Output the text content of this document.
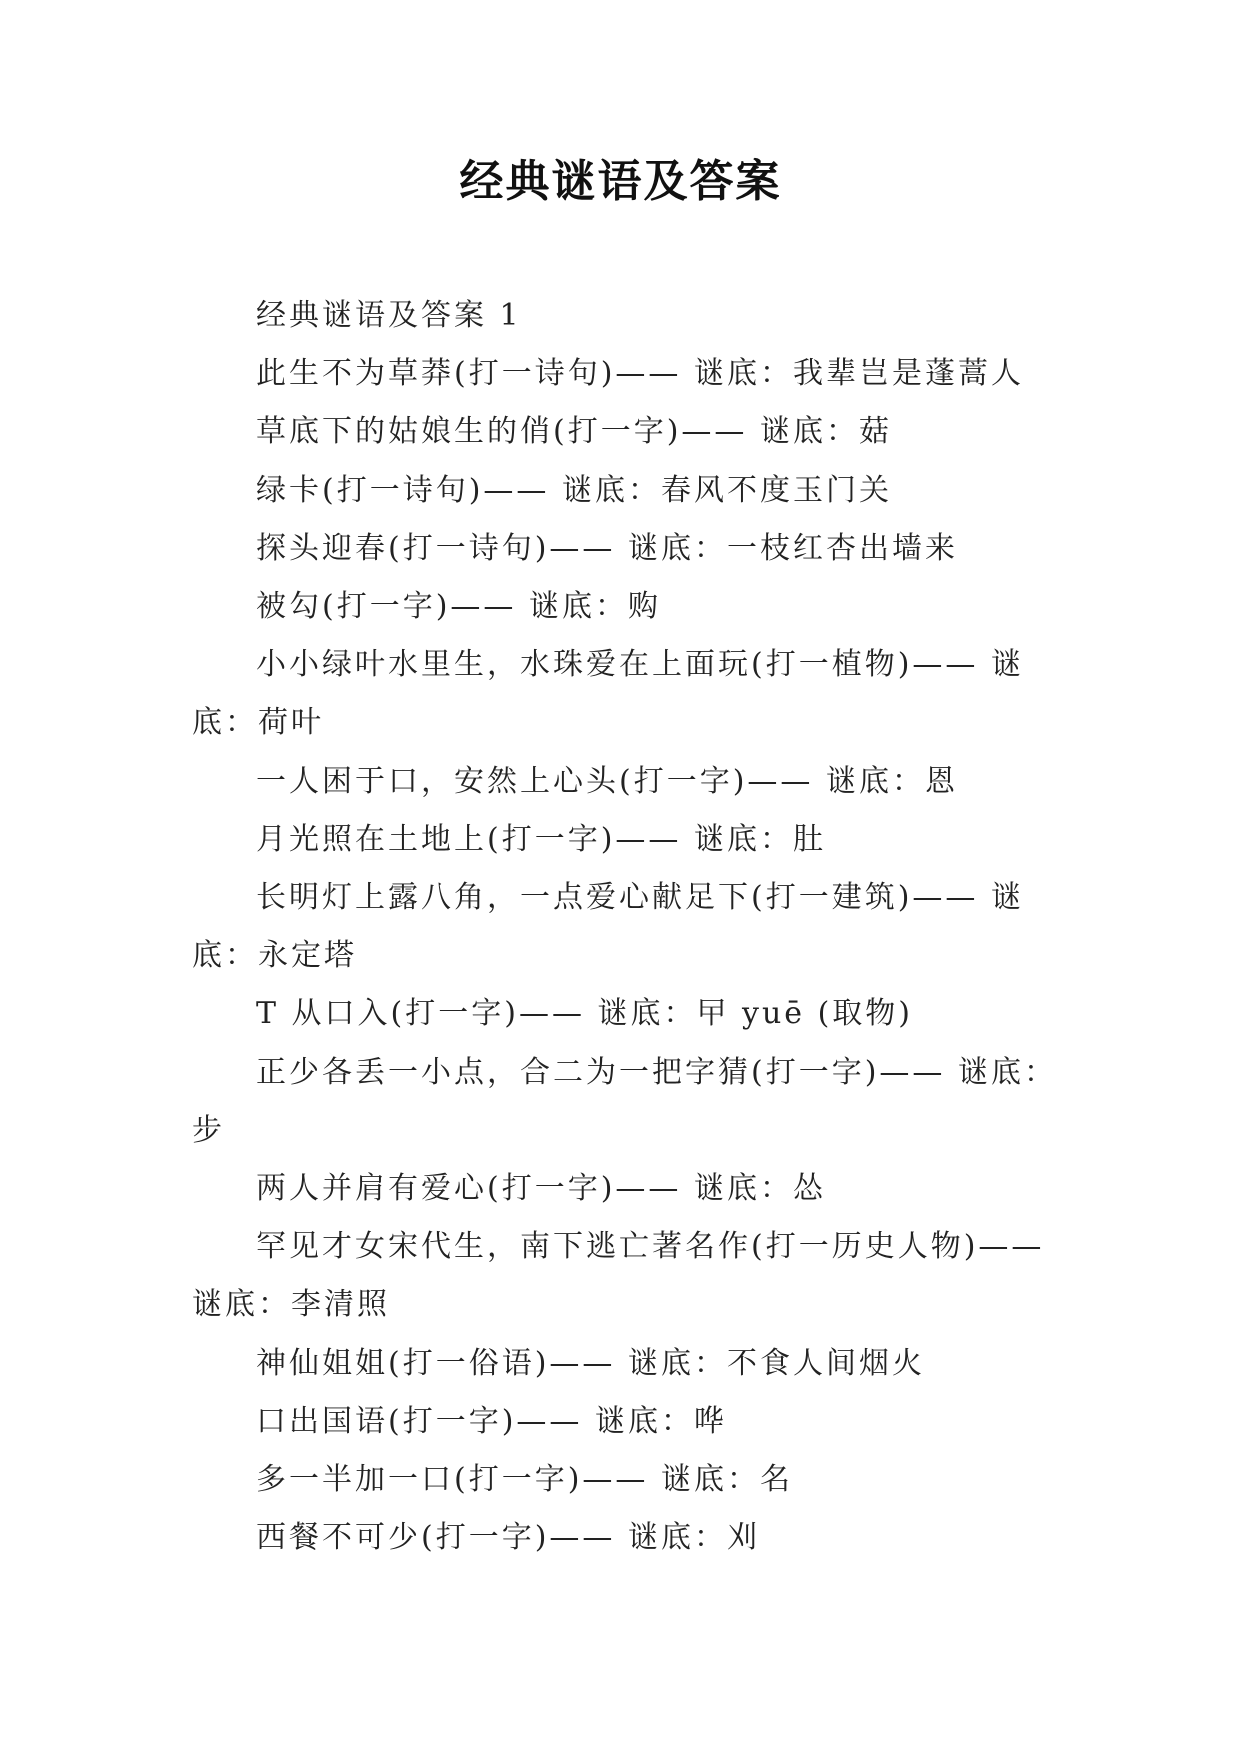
经典谜语及答案

经典谜语及答案 1

此生不为草莽(打一诗句)—— 谜底：我辈岂是蓬蒿人

草底下的姑娘生的俏(打一字)—— 谜底：菇

绿卡(打一诗句)—— 谜底：春风不度玉门关

探头迎春(打一诗句)—— 谜底：一枝红杏出墙来

被勾(打一字)—— 谜底：购

小小绿叶水里生，水珠爱在上面玩(打一植物)—— 谜底：荷叶

一人困于口，安然上心头(打一字)—— 谜底：恩

月光照在土地上(打一字)—— 谜底：肚

长明灯上露八角，一点爱心献足下(打一建筑)—— 谜底：永定塔

T 从口入(打一字)—— 谜底：曱 yuē (取物)

正少各丢一小点，合二为一把字猜(打一字)—— 谜底：步

两人并肩有爱心(打一字)—— 谜底：怂

罕见才女宋代生，南下逃亡著名作(打一历史人物)—— 谜底：李清照

神仙姐姐(打一俗语)—— 谜底：不食人间烟火

口出国语(打一字)—— 谜底：哗

多一半加一口(打一字)—— 谜底：名

西餐不可少(打一字)—— 谜底：刈
